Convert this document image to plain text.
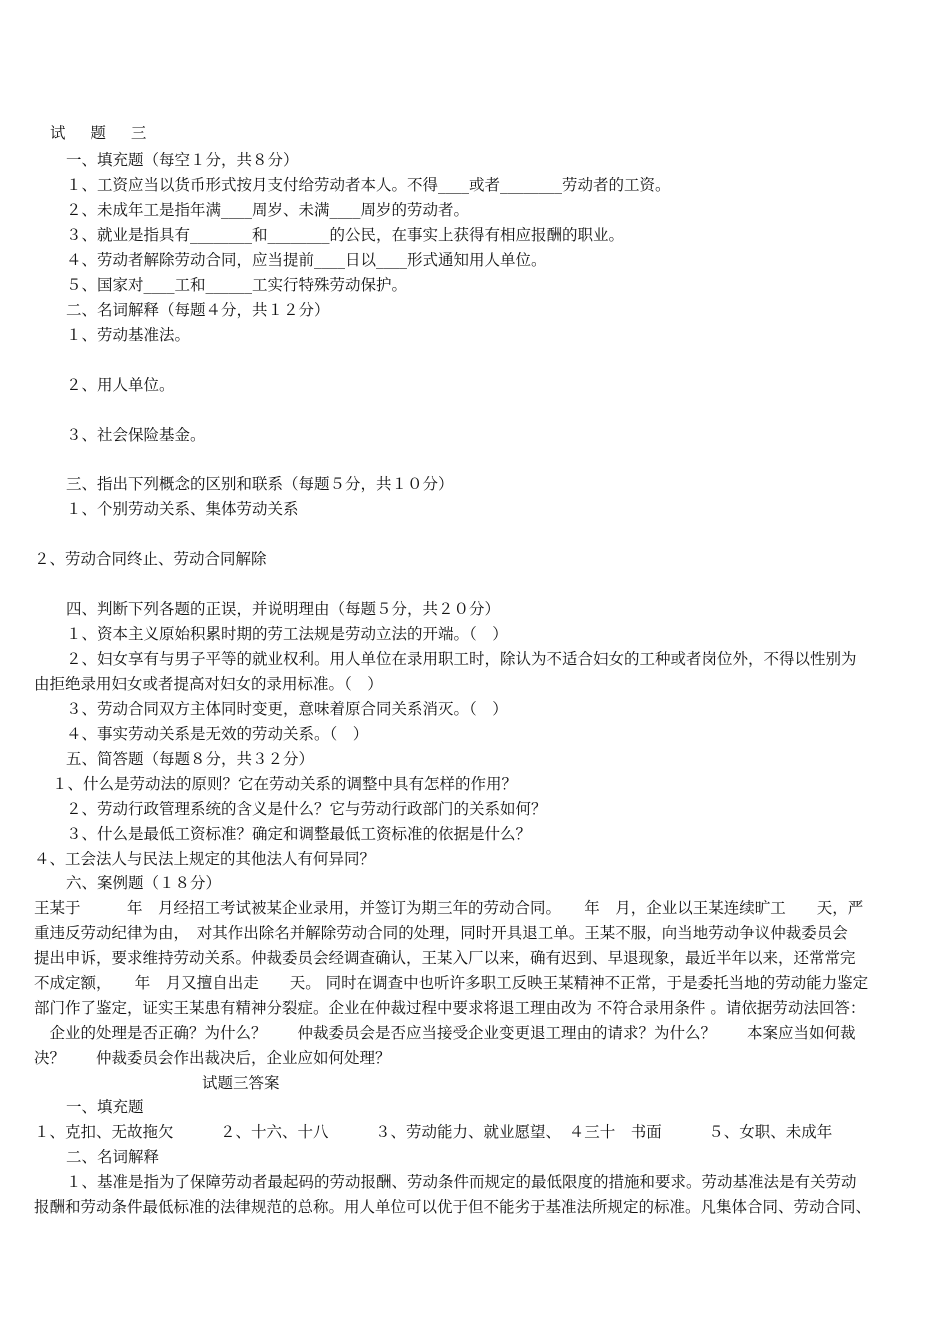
试 题 三
一、填充题（每空１分，共８分）
１、工资应当以货币形式按月支付给劳动者本人。不得____或者________劳动者的工资。
２、未成年工是指年满____周岁、未满____周岁的劳动者。
３、就业是指具有________和________的公民，在事实上获得有相应报酬的职业。
４、劳动者解除劳动合同，应当提前____日以____形式通知用人单位。
５、国家对____工和______工实行特殊劳动保护。
二、名词解释（每题４分，共１２分）
１、劳动基准法。
２、用人单位。
３、社会保险基金。
三、指出下列概念的区别和联系（每题５分，共１０分）
１、个别劳动关系、集体劳动关系
２、劳动合同终止、劳动合同解除
四、判断下列各题的正误，并说明理由（每题５分，共２０分）
１、资本主义原始积累时期的劳工法规是劳动立法的开端。（　）
２、妇女享有与男子平等的就业权利。用人单位在录用职工时，除认为不适合妇女的工种或者岗位外，不得以性别为
由拒绝录用妇女或者提高对妇女的录用标准。（　）
３、劳动合同双方主体同时变更，意味着原合同关系消灭。（　）
４、事实劳动关系是无效的劳动关系。（　）
五、简答题（每题８分，共３２分）
１、什么是劳动法的原则？它在劳动关系的调整中具有怎样的作用？
２、劳动行政管理系统的含义是什么？它与劳动行政部门的关系如何？
３、什么是最低工资标准？确定和调整最低工资标准的依据是什么？
４、工会法人与民法上规定的其他法人有何异同？
六、案例题（１８分）
王某于　　　年　月经招工考试被某企业录用，并签订为期三年的劳动合同。　　年　月，企业以王某连续旷工　　天，严
重违反劳动纪律为由，　对其作出除名并解除劳动合同的处理，同时开具退工单。王某不服，向当地劳动争议仲裁委员会
提出申诉，要求维持劳动关系。仲裁委员会经调查确认，王某入厂以来，确有迟到、早退现象，最近半年以来，还常常完
不成定额，　　年　月又擅自出走　　天。 同时在调查中也听许多职工反映王某精神不正常，于是委托当地的劳动能力鉴定
部门作了鉴定，证实王某患有精神分裂症。企业在仲裁过程中要求将退工理由改为 不符合录用条件 。请依据劳动法回答：
　企业的处理是否正确？为什么？　　仲裁委员会是否应当接受企业变更退工理由的请求？为什么？　　本案应当如何裁
决？　　仲裁委员会作出裁决后，企业应如何处理？
试题三答案
一、填充题
１、克扣、无故拖欠　　　２、十六、十八　　　３、劳动能力、就业愿望、　４三十　书面　　　５、女职、未成年
二、名词解释
１、基准是指为了保障劳动者最起码的劳动报酬、劳动条件而规定的最低限度的措施和要求。劳动基准法是有关劳动
报酬和劳动条件最低标准的法律规范的总称。用人单位可以优于但不能劣于基准法所规定的标准。凡集体合同、劳动合同、
